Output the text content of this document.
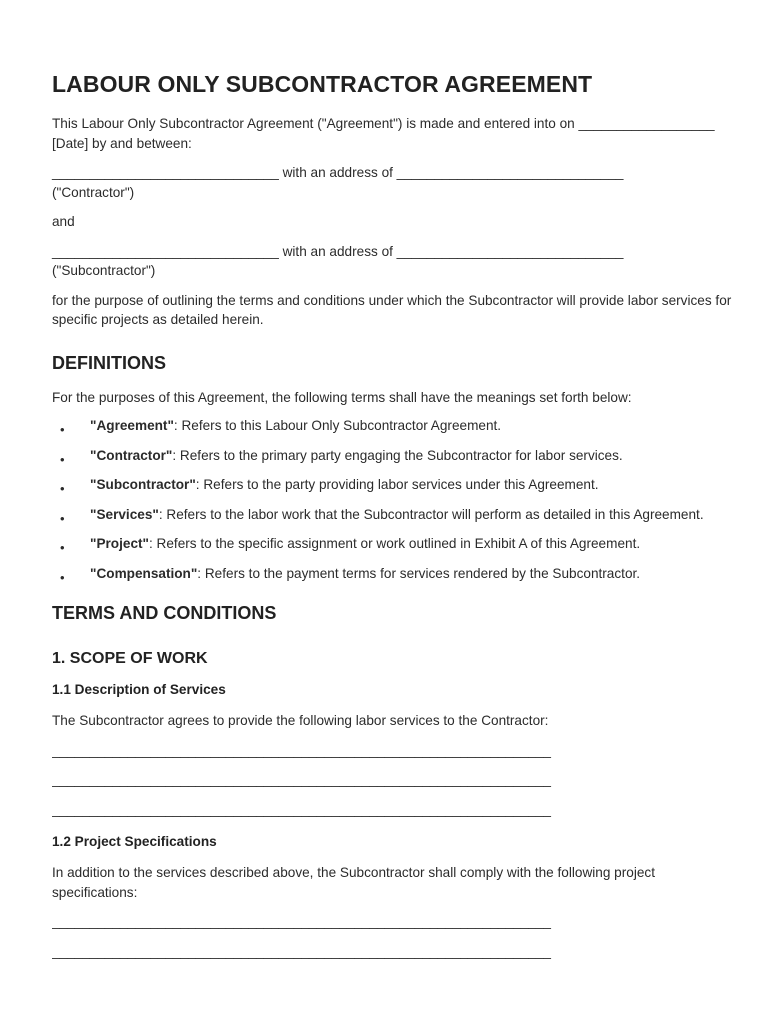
LABOUR ONLY SUBCONTRACTOR AGREEMENT

This Labour Only Subcontractor Agreement ("Agreement") is made and entered into on __________________ [Date] by and between:

______________________________ with an address of ______________________________

("Contractor")

and

______________________________ with an address of ______________________________

("Subcontractor")

for the purpose of outlining the terms and conditions under which the Subcontractor will provide labor services for specific projects as detailed herein.

DEFINITIONS

For the purposes of this Agreement, the following terms shall have the meanings set forth below:

• "Agreement": Refers to this Labour Only Subcontractor Agreement.
• "Contractor": Refers to the primary party engaging the Subcontractor for labor services.
• "Subcontractor": Refers to the party providing labor services under this Agreement.
• "Services": Refers to the labor work that the Subcontractor will perform as detailed in this Agreement.
• "Project": Refers to the specific assignment or work outlined in Exhibit A of this Agreement.
• "Compensation": Refers to the payment terms for services rendered by the Subcontractor.
TERMS AND CONDITIONS
1. SCOPE OF WORK
1.1 Description of Services

The Subcontractor agrees to provide the following labor services to the Contractor:

__________________________________________________________________

__________________________________________________________________

__________________________________________________________________

1.2 Project Specifications

In addition to the services described above, the Subcontractor shall comply with the following project specifications:

__________________________________________________________________

__________________________________________________________________
